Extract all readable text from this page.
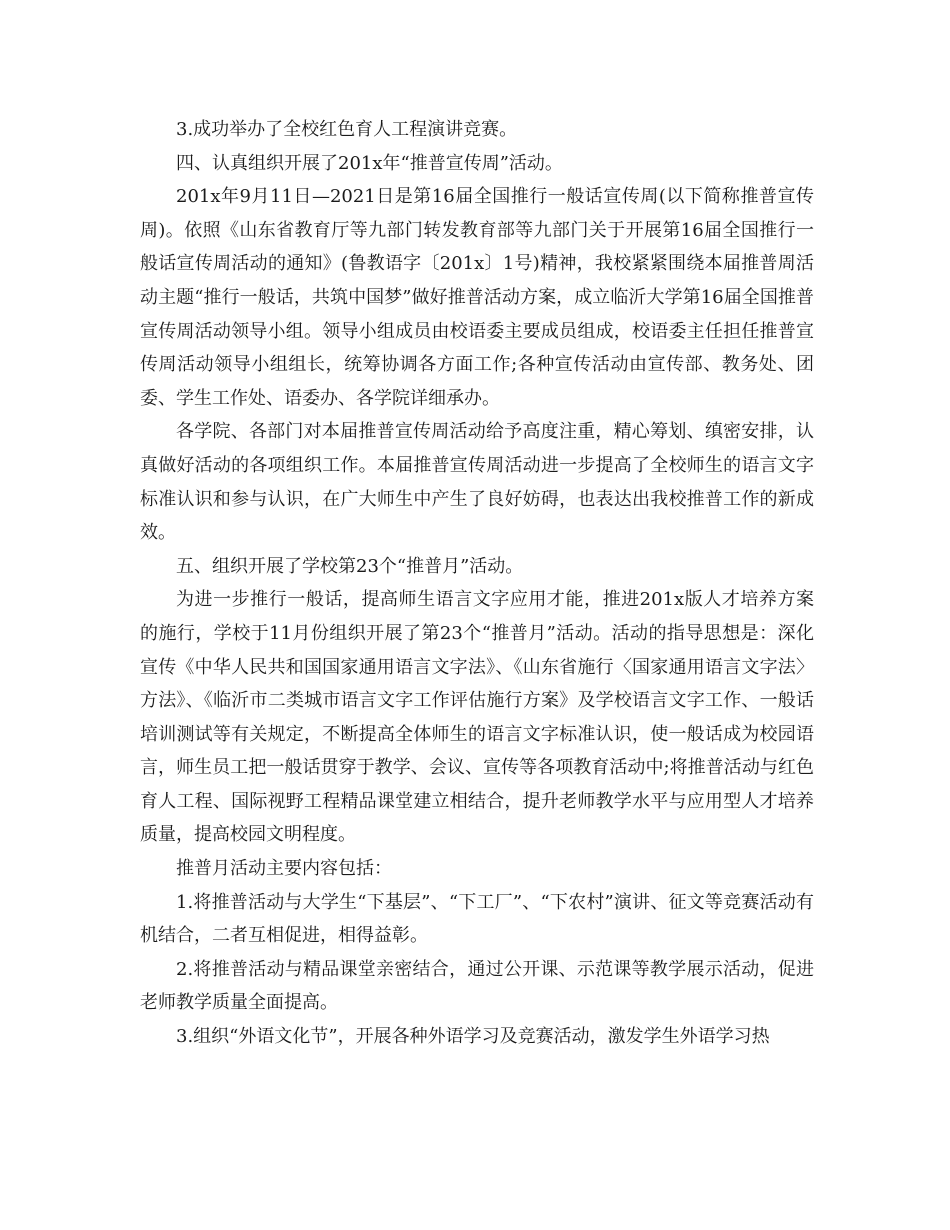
3.成功举办了全校红色育人工程演讲竞赛。

四、认真组织开展了201x年“推普宣传周”活动。

201x年9月11日—2021日是第16届全国推行一般话宣传周(以下简称推普宣传周)。依照《山东省教育厅等九部门转发教育部等九部门关于开展第16届全国推行一般话宣传周活动的通知》(鲁教语字〔201x〕1号)精神，我校紧紧围绕本届推普周活动主题“推行一般话，共筑中国梦”做好推普活动方案，成立临沂大学第16届全国推普宣传周活动领导小组。领导小组成员由校语委主要成员组成，校语委主任担任推普宣传周活动领导小组组长，统筹协调各方面工作;各种宣传活动由宣传部、教务处、团委、学生工作处、语委办、各学院详细承办。

各学院、各部门对本届推普宣传周活动给予高度注重，精心筹划、缜密安排，认真做好活动的各项组织工作。本届推普宣传周活动进一步提高了全校师生的语言文字标准认识和参与认识，在广大师生中产生了良好妨碍，也表达出我校推普工作的新成效。

五、组织开展了学校第23个“推普月”活动。

为进一步推行一般话，提高师生语言文字应用才能，推进201x版人才培养方案的施行，学校于11月份组织开展了第23个“推普月”活动。活动的指导思想是：深化宣传《中华人民共和国国家通用语言文字法》、《山东省施行〈国家通用语言文字法〉方法》、《临沂市二类城市语言文字工作评估施行方案》及学校语言文字工作、一般话培训测试等有关规定，不断提高全体师生的语言文字标准认识，使一般话成为校园语言，师生员工把一般话贯穿于教学、会议、宣传等各项教育活动中;将推普活动与红色育人工程、国际视野工程精品课堂建立相结合，提升老师教学水平与应用型人才培养质量，提高校园文明程度。

推普月活动主要内容包括：

1.将推普活动与大学生“下基层”、“下工厂”、“下农村”演讲、征文等竞赛活动有机结合，二者互相促进，相得益彰。

2.将推普活动与精品课堂亲密结合，通过公开课、示范课等教学展示活动，促进老师教学质量全面提高。

3.组织“外语文化节”，开展各种外语学习及竞赛活动，激发学生外语学习热
